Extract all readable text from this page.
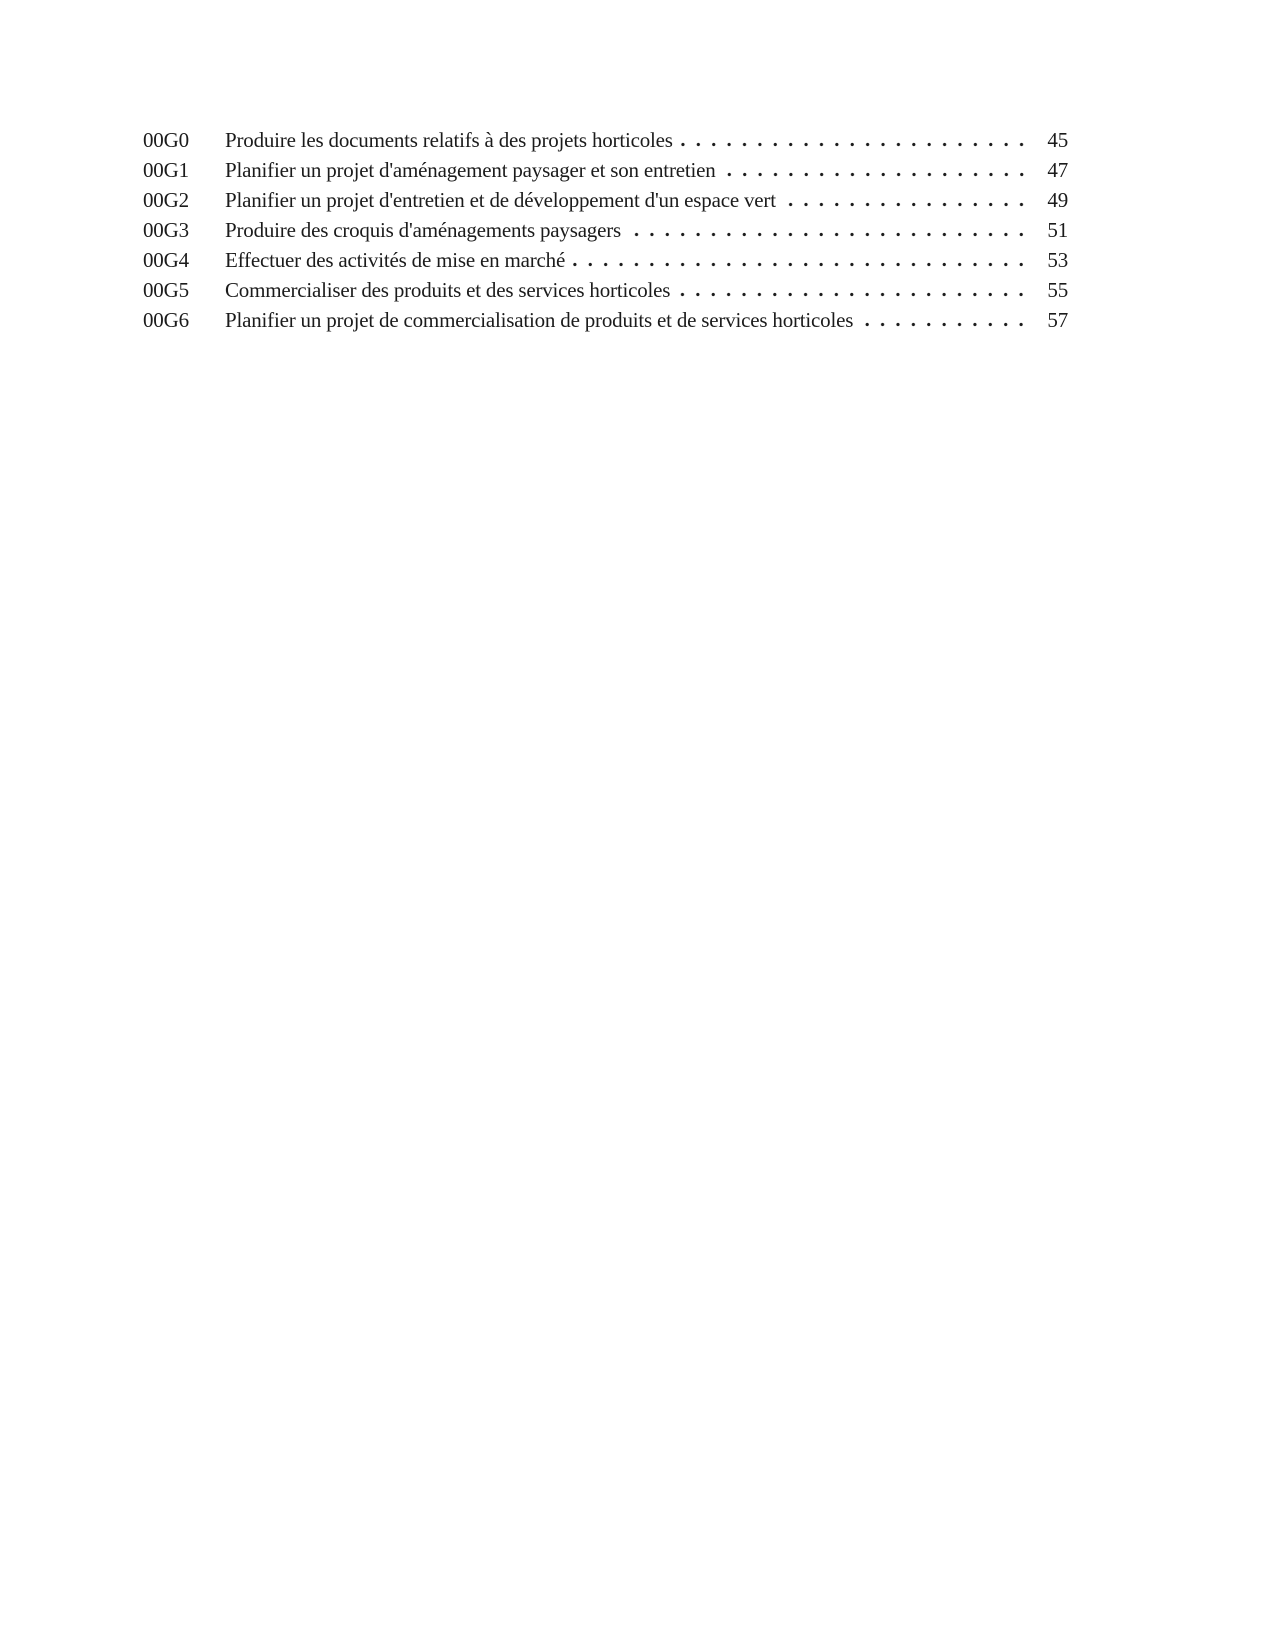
00G0	Produire les documents relatifs à des projets horticoles	45
00G1	Planifier un projet d'aménagement paysager et son entretien	47
00G2	Planifier un projet d'entretien et de développement d'un espace vert	49
00G3	Produire des croquis d'aménagements paysagers	51
00G4	Effectuer des activités de mise en marché	53
00G5	Commercialiser des produits et des services horticoles	55
00G6	Planifier un projet de commercialisation de produits et de services horticoles	57
